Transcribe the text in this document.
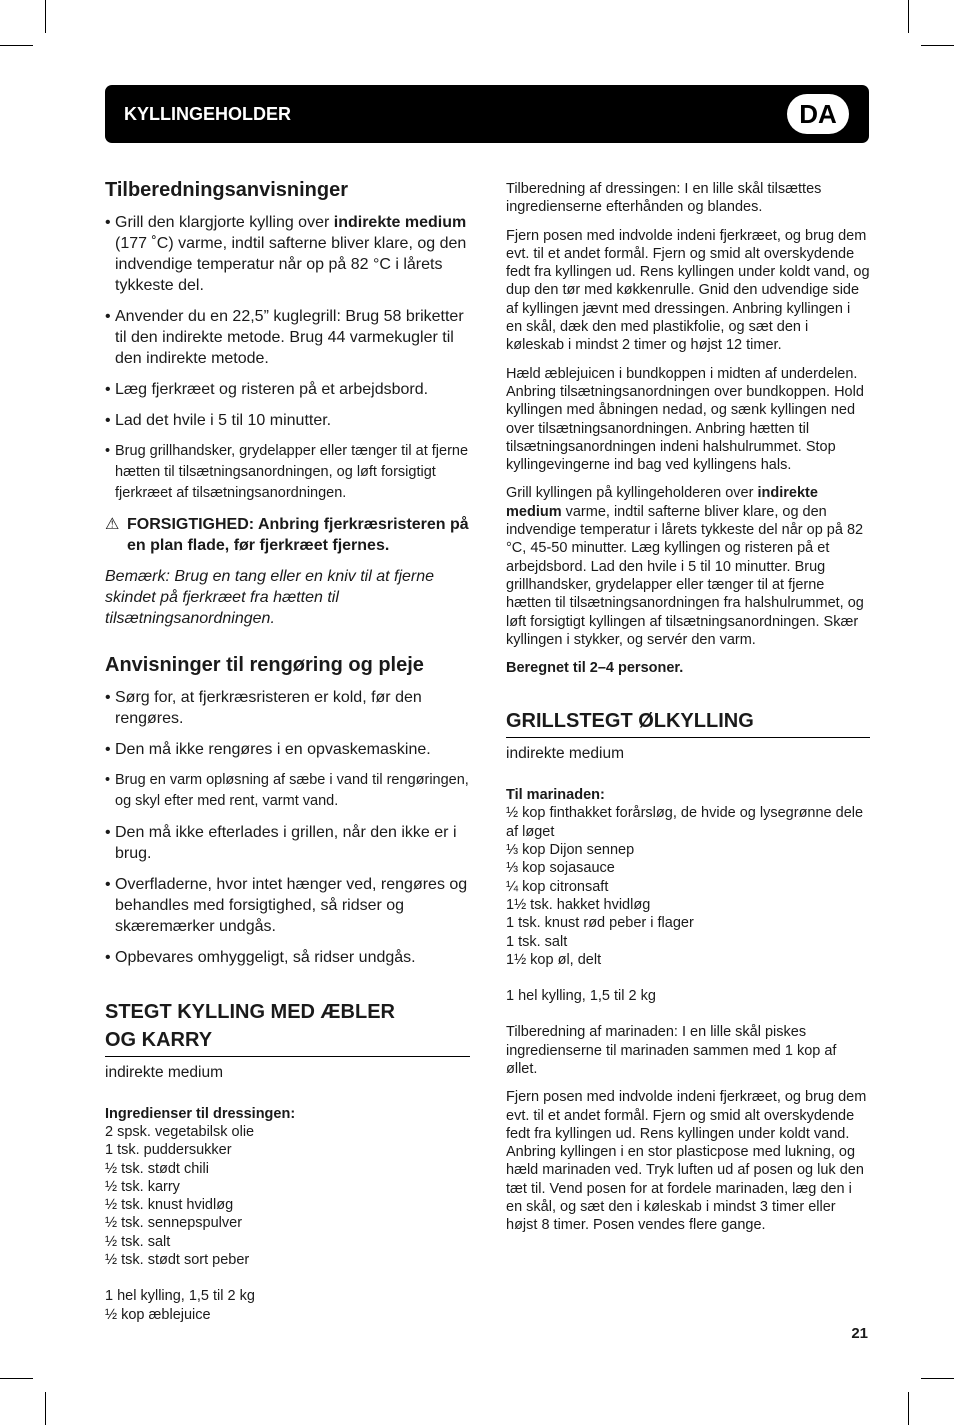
KYLLINGEHOLDER	DA
Tilberedningsanvisninger
• Grill den klargjorte kylling over indirekte medium (177 ˚C) varme, indtil safterne bliver klare, og den indvendige temperatur når op på 82 °C i lårets tykkeste del.
• Anvender du en 22,5” kuglegrill: Brug 58 briketter til den indirekte metode. Brug 44 varmekugler til den indirekte metode.
• Læg fjerkræet og risteren på et arbejdsbord.
• Lad det hvile i 5 til 10 minutter.
• Brug grillhandsker, grydelapper eller tænger til at fjerne hætten til tilsætningsanordningen, og løft forsigtigt fjerkræet af tilsætningsanordningen.
⚠ FORSIGTIGHED: Anbring fjerkræsristeren på en plan flade, før fjerkræet fjernes.

Bemærk: Brug en tang eller en kniv til at fjerne skindet på fjerkræet fra hætten til tilsætningsanordningen.

Anvisninger til rengøring og pleje
• Sørg for, at fjerkræsristeren er kold, før den rengøres.
• Den må ikke rengøres i en opvaskemaskine.
• Brug en varm opløsning af sæbe i vand til rengøringen, og skyl efter med rent, varmt vand.
• Den må ikke efterlades i grillen, når den ikke er i brug.
• Overfladerne, hvor intet hænger ved, rengøres og behandles med forsigtighed, så ridser og skæremærker undgås.
• Opbevares omhyggeligt, så ridser undgås.
STEGT KYLLING MED ÆBLER
OG KARRY

indirekte medium

Ingredienser til dressingen:

2 spsk. vegetabilsk olie
1 tsk. puddersukker
½ tsk. stødt chili
½ tsk. karry
½ tsk. knust hvidløg
½ tsk. sennepspulver
½ tsk. salt
½ tsk. stødt sort peber
1 hel kylling, 1,5 til 2 kg
½ kop æblejuice

Tilberedning af dressingen: I en lille skål tilsættes ingredienserne efterhånden og blandes.

Fjern posen med indvolde indeni fjerkræet, og brug dem evt. til et andet formål. Fjern og smid alt overskydende fedt fra kyllingen ud. Rens kyllingen under koldt vand, og dup den tør med køkkenrulle. Gnid den udvendige side af kyllingen jævnt med dressingen. Anbring kyllingen i en skål, dæk den med plastikfolie, og sæt den i køleskab i mindst 2 timer og højst 12 timer.

Hæld æblejuicen i bundkoppen i midten af underdelen. Anbring tilsætningsanordningen over bundkoppen. Hold kyllingen med åbningen nedad, og sænk kyllingen ned over tilsætningsanordningen. Anbring hætten til tilsætningsanordningen indeni halshulrummet. Stop kyllingevingerne ind bag ved kyllingens hals.

Grill kyllingen på kyllingeholderen over indirekte medium varme, indtil safterne bliver klare, og den indvendige temperatur i lårets tykkeste del når op på 82 °C, 45-50 minutter. Læg kyllingen og risteren på et arbejdsbord. Lad den hvile i 5 til 10 minutter. Brug grillhandsker, grydelapper eller tænger til at fjerne hætten til tilsætningsanordningen fra halshulrummet, og løft forsigtigt kyllingen af tilsætningsanordningen. Skær kyllingen i stykker, og servér den varm.

Beregnet til 2–4 personer.

GRILLSTEGT ØLKYLLING

indirekte medium

Til marinaden:

½ kop finthakket forårsløg, de hvide og lysegrønne dele af løget
⅓ kop Dijon sennep
⅓ kop sojasauce
¼ kop citronsaft
1½ tsk. hakket hvidløg
1 tsk. knust rød peber i flager
1 tsk. salt
1½ kop øl, delt
1 hel kylling, 1,5 til 2 kg

Tilberedning af marinaden: I en lille skål piskes ingredienserne til marinaden sammen med 1 kop af øllet.

Fjern posen med indvolde indeni fjerkræet, og brug dem evt. til et andet formål. Fjern og smid alt overskydende fedt fra kyllingen ud. Rens kyllingen under koldt vand. Anbring kyllingen i en stor plasticpose med lukning, og hæld marinaden ved. Tryk luften ud af posen og luk den tæt til. Vend posen for at fordele marinaden, læg den i en skål, og sæt den i køleskab i mindst 3 timer eller højst 8 timer. Posen vendes flere gange.

21
